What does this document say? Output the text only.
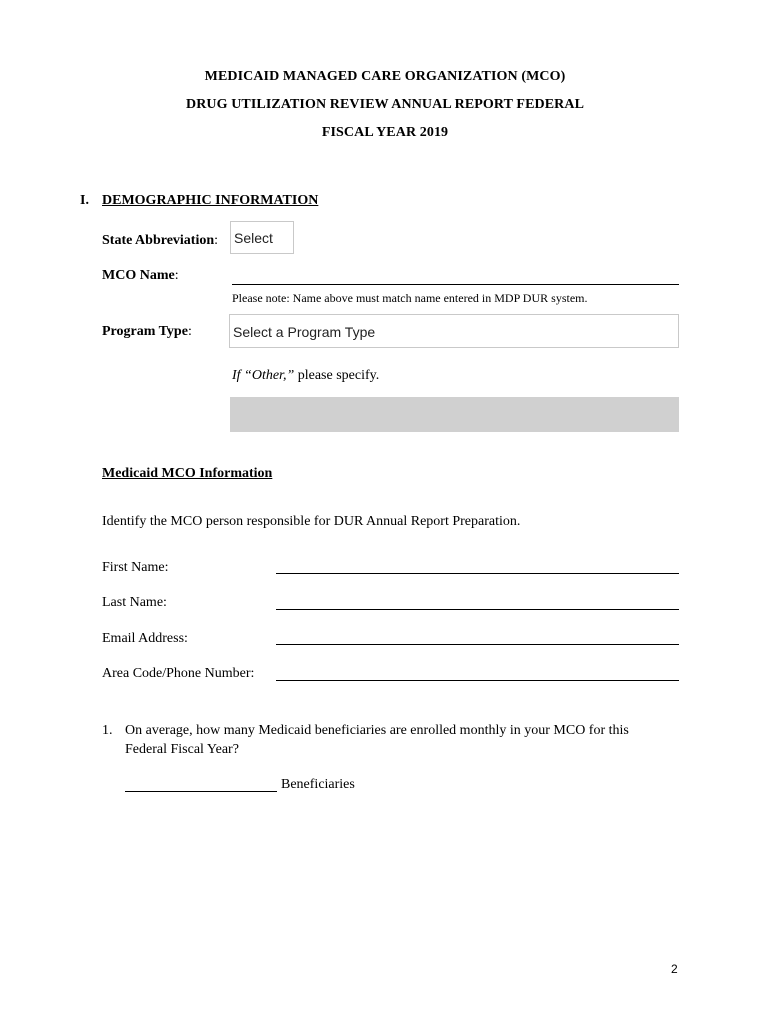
MEDICAID MANAGED CARE ORGANIZATION (MCO)
DRUG UTILIZATION REVIEW ANNUAL REPORT FEDERAL
FISCAL YEAR 2019
I. DEMOGRAPHIC INFORMATION
State Abbreviation: Select
MCO Name:
Please note: Name above must match name entered in MDP DUR system.
Program Type:	Select a Program Type
If “Other,” please specify.
Medicaid MCO Information
Identify the MCO person responsible for DUR Annual Report Preparation.
First Name:
Last Name:
Email Address:
Area Code/Phone Number:
1. On average, how many Medicaid beneficiaries are enrolled monthly in your MCO for this
Federal Fiscal Year?
Beneficiaries
2
